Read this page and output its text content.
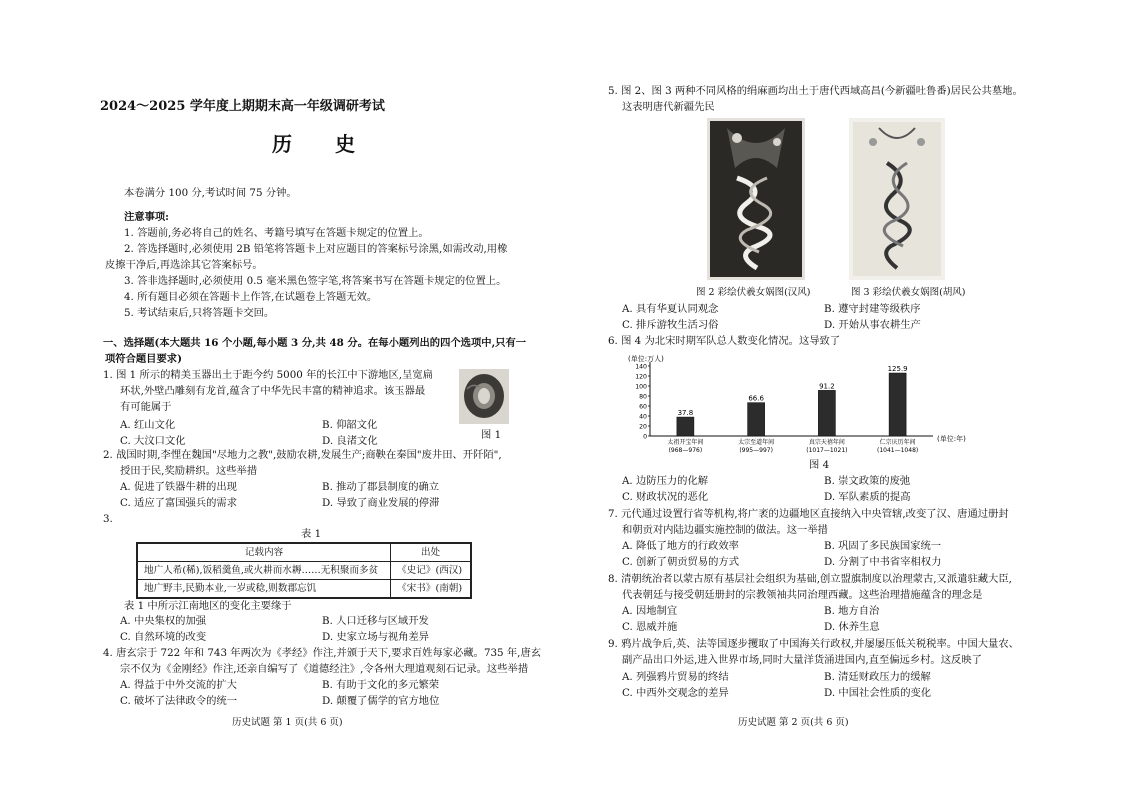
2024～2025 学年度上期期末高一年级调研考试
历 史
本卷满分 100 分,考试时间 75 分钟。
注意事项:
1. 答题前,务必将自己的姓名、考籍号填写在答题卡规定的位置上。
2. 答选择题时,必须使用 2B 铅笔将答题卡上对应题目的答案标号涂黑,如需改动,用橡
皮擦干净后,再选涂其它答案标号。
3. 答非选择题时,必须使用 0.5 毫米黑色签字笔,将答案书写在答题卡规定的位置上。
4. 所有题目必须在答题卡上作答,在试题卷上答题无效。
5. 考试结束后,只将答题卡交回。
一、选择题(本大题共 16 个小题,每小题 3 分,共 48 分。在每小题列出的四个选项中,只有一
项符合题目要求)
1. 图 1 所示的精美玉器出土于距今约 5000 年的长江中下游地区,呈宽扁
环状,外壁凸雕刻有龙首,蕴含了中华先民丰富的精神追求。该玉器最
有可能属于
A. 红山文化	B. 仰韶文化
C. 大汶口文化	D. 良渚文化	图 1
2. 战国时期,李悝在魏国"尽地力之教",鼓励农耕,发展生产;商鞅在秦国"废井田、开阡陌",
授田于民,奖励耕织。这些举措
A. 促进了铁器牛耕的出现	B. 推动了郡县制度的确立
C. 适应了富国强兵的需求	D. 导致了商业发展的停滞
3.
表 1
记载内容	出处
地广人希(稀),饭稻羹鱼,或火耕而水耨……无积聚而多贫	《史记》(西汉)
地广野丰,民勤本业,一岁或稔,则数郡忘饥	《宋书》(南朝)
表 1 中所示江南地区的变化主要缘于
A. 中央集权的加强	B. 人口迁移与区域开发
C. 自然环境的改变	D. 史家立场与视角差异
4. 唐玄宗于 722 年和 743 年两次为《孝经》作注,并颁于天下,要求百姓每家必藏。735 年,唐玄
宗不仅为《金刚经》作注,还亲自编写了《道德经注》,令各州大理道观刻石记录。这些举措
A. 得益于中外交流的扩大	B. 有助于文化的多元繁荣
C. 破坏了法律政令的统一	D. 颠覆了儒学的官方地位
历史试题 第 1 页(共 6 页)
5. 图 2、图 3 两种不同风格的绢麻画均出土于唐代西域高昌(今新疆吐鲁番)居民公共墓地。
这表明唐代新疆先民
图 2 彩绘伏羲女娲图(汉风)	图 3 彩绘伏羲女娲图(胡风)
A. 具有华夏认同观念	B. 遵守封建等级秩序
C. 排斥游牧生活习俗	D. 开始从事农耕生产
6. 图 4 为北宋时期军队总人数变化情况。这导致了
(单位:万人)
(单位:年)
0
20
40
60
80
100
120
140
37.8
太祖开宝年间
(968—976)
66.6
太宗至道年间
(995—997)
91.2
真宗天禧年间
(1017—1021)
125.9
仁宗庆历年间
(1041—1048)
图 4
A. 边防压力的化解	B. 崇文政策的废弛
C. 财政状况的恶化	D. 军队素质的提高
7. 元代通过设置行省等机构,将广袤的边疆地区直接纳入中央管辖,改变了汉、唐通过册封
和朝贡对内陆边疆实施控制的做法。这一举措
A. 降低了地方的行政效率	B. 巩固了多民族国家统一
C. 创新了朝贡贸易的方式	D. 分割了中书省宰相权力
8. 清朝统治者以蒙古原有基层社会组织为基础,创立盟旗制度以治理蒙古,又派遣驻藏大臣,
代表朝廷与接受朝廷册封的宗教领袖共同治理西藏。这些治理措施蕴含的理念是
A. 因地制宜	B. 地方自治
C. 恩威并施	D. 休养生息
9. 鸦片战争后,英、法等国逐步攫取了中国海关行政权,并屡屡压低关税税率。中国大量农、
副产品出口外运,进入世界市场,同时大量洋货涌进国内,直至偏远乡村。这反映了
A. 列强鸦片贸易的终结	B. 清廷财政压力的缓解
C. 中西外交观念的差异	D. 中国社会性质的变化
历史试题 第 2 页(共 6 页)
